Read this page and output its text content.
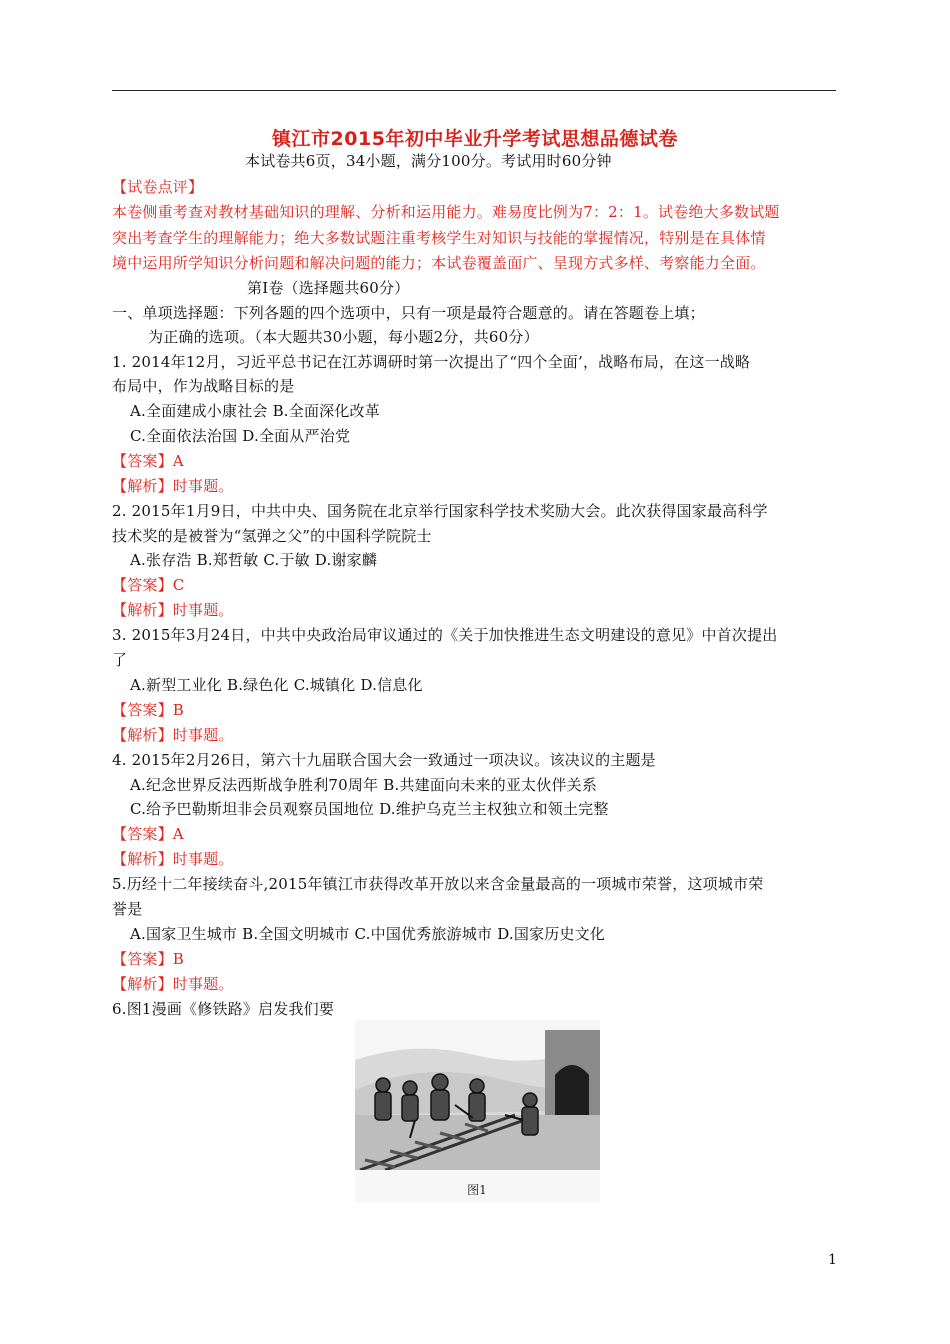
镇江市2015年初中毕业升学考试思想品德试卷
本试卷共6页，34小题，满分100分。考试用时60分钟
【试卷点评】
本卷侧重考查对教材基础知识的理解、分析和运用能力。难易度比例为7：2：1。试卷绝大多数试题
突出考查学生的理解能力；绝大多数试题注重考核学生对知识与技能的掌握情况，特别是在具体情
境中运用所学知识分析问题和解决问题的能力；本试卷覆盖面广、呈现方式多样、考察能力全面。
第Ⅰ卷（选择题共60分）
一、单项选择题：下列各题的四个选项中，只有一项是最符合题意的。请在答题卷上填；
为正确的选项。（本大题共30小题，每小题2分，共60分）
1. 2014年12月，习近平总书记在江苏调研时第一次提出了“四个全面’，战略布局，在这一战略
布局中，作为战略目标的是
A.全面建成小康社会 B.全面深化改革
C.全面依法治国 D.全面从严治党
【答案】A
【解析】时事题。
2. 2015年1月9日，中共中央、国务院在北京举行国家科学技术奖励大会。此次获得国家最高科学
技术奖的是被誉为“氢弹之父”的中国科学院院士
A.张存浩 B.郑哲敏 C.于敏 D.谢家麟
【答案】C
【解析】时事题。
3. 2015年3月24日，中共中央政治局审议通过的《关于加快推进生态文明建设的意见》中首次提出
了
A.新型工业化 B.绿色化 C.城镇化 D.信息化
【答案】B
【解析】时事题。
4. 2015年2月26日，第六十九届联合国大会一致通过一项决议。该决议的主题是
A.纪念世界反法西斯战争胜利70周年 B.共建面向未来的亚太伙伴关系
C.给予巴勒斯坦非会员观察员国地位 D.维护乌克兰主权独立和领土完整
【答案】A
【解析】时事题。
5.历经十二年接续奋斗,2015年镇江市获得改革开放以来含金量最高的一项城市荣誉，这项城市荣
誉是
A.国家卫生城市 B.全国文明城市 C.中国优秀旅游城市 D.国家历史文化
【答案】B
【解析】时事题。
6.图1漫画《修铁路》启发我们要
图1
1
